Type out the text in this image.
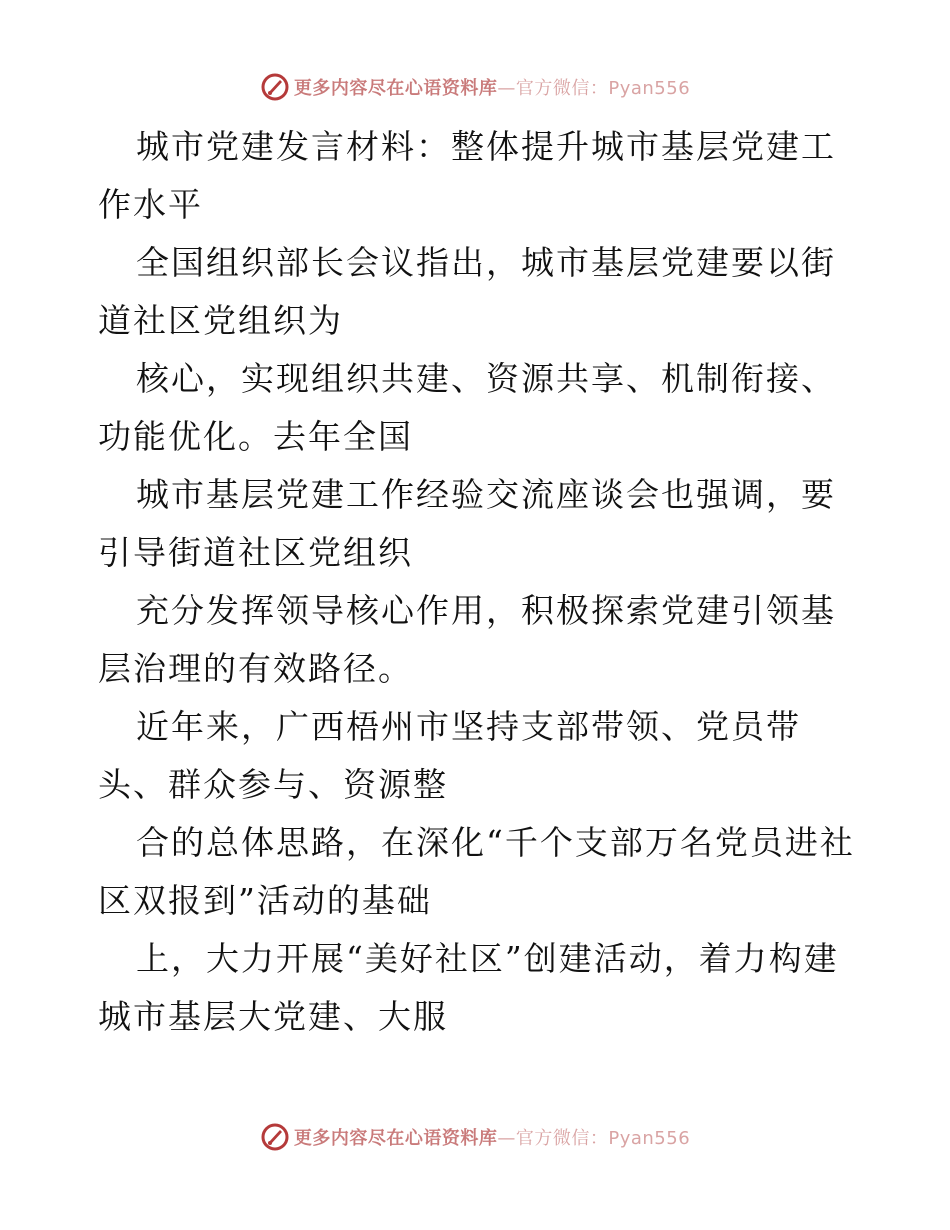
更多内容尽在心语资料库—官方微信：Pyan556

城市党建发言材料：整体提升城市基层党建工作水平

全国组织部长会议指出，城市基层党建要以街道社区党组织为

核心，实现组织共建、资源共享、机制衔接、功能优化。去年全国

城市基层党建工作经验交流座谈会也强调，要引导街道社区党组织

充分发挥领导核心作用，积极探索党建引领基层治理的有效路径。

近年来，广西梧州市坚持支部带领、党员带头、群众参与、资源整

合的总体思路，在深化“千个支部万名党员进社区双报到”活动的基础

上，大力开展“美好社区”创建活动，着力构建城市基层大党建、大服

更多内容尽在心语资料库—官方微信：Pyan556
